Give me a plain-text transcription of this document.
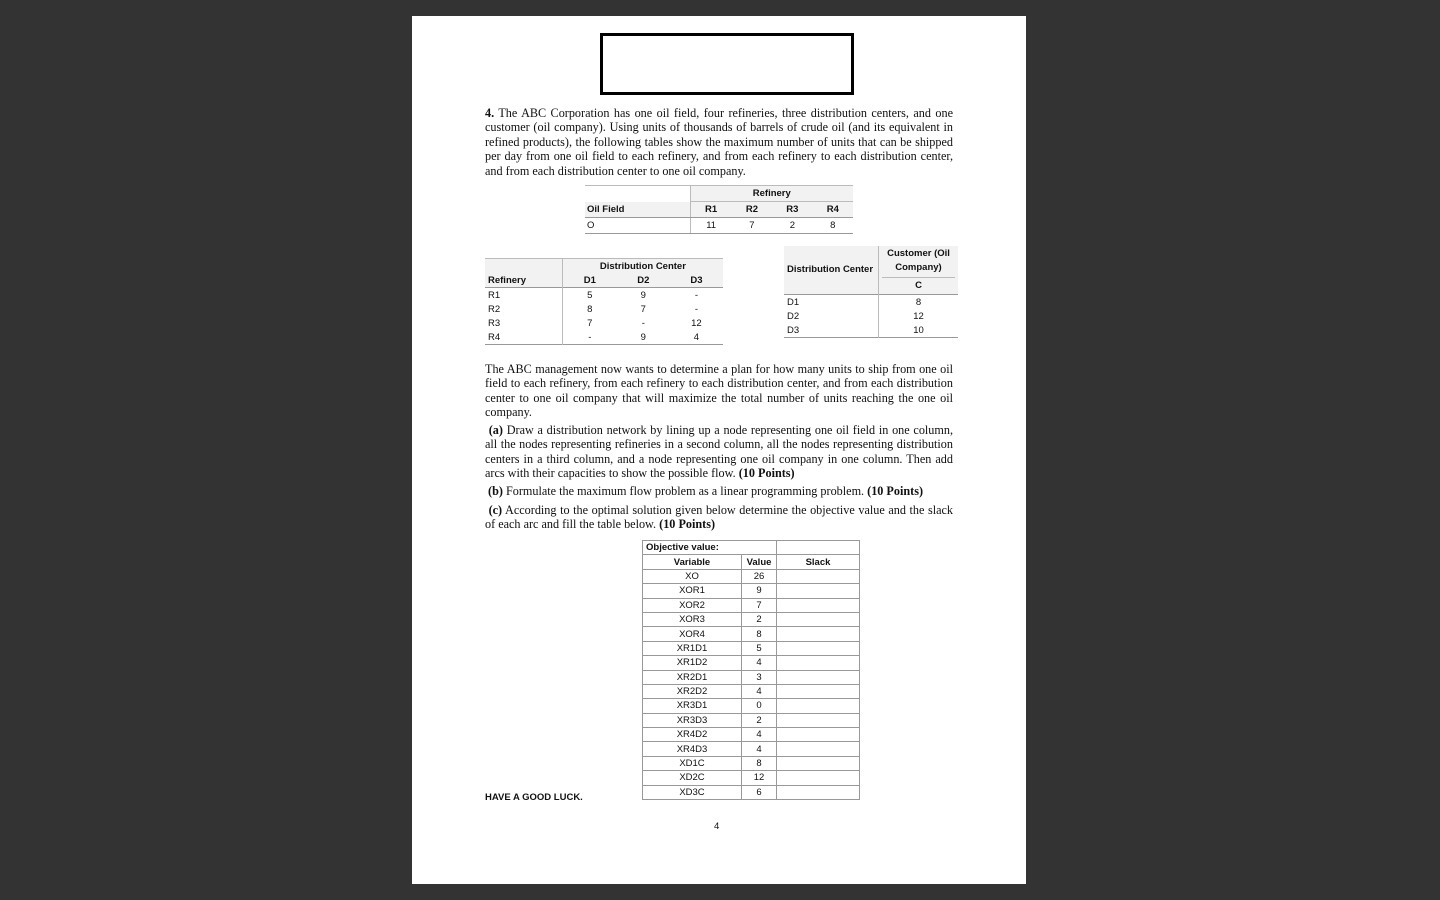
4. The ABC Corporation has one oil field, four refineries, three distribution centers, and one customer (oil company). Using units of thousands of barrels of crude oil (and its equivalent in refined products), the following tables show the maximum number of units that can be shipped per day from one oil field to each refinery, and from each refinery to each distribution center, and from each distribution center to one oil company.

	Refinery			
Oil Field	R1	R2	R3	R4
O	11	7	2	8
	Distribution Center		
Refinery	D1	D2	D3
R1	5	9	-
R2	8	7	-
R3	7	-	12
R4	-	9	4
Distribution Center	Customer (Oil Company)
C

D1	8
D2	12
D3	10

The ABC management now wants to determine a plan for how many units to ship from one oil field to each refinery, from each refinery to each distribution center, and from each distribution center to one oil company that will maximize the total number of units reaching the one oil company.

(a) Draw a distribution network by lining up a node representing one oil field in one column, all the nodes representing refineries in a second column, all the nodes representing distribution centers in a third column, and a node representing one oil company in one column. Then add arcs with their capacities to show the possible flow. (10 Points)

(b) Formulate the maximum flow problem as a linear programming problem. (10 Points)

(c) According to the optimal solution given below determine the objective value and the slack of each arc and fill the table below. (10 Points)

Objective value:		
Variable	Value	Slack
XO	26	
XOR1	9	
XOR2	7	
XOR3	2	
XOR4	8	
XR1D1	5	
XR1D2	4	
XR2D1	3	
XR2D2	4	
XR3D1	0	
XR3D3	2	
XR4D2	4	
XR4D3	4	
XD1C	8	
XD2C	12	
XD3C	6	
HAVE A GOOD LUCK.
4
